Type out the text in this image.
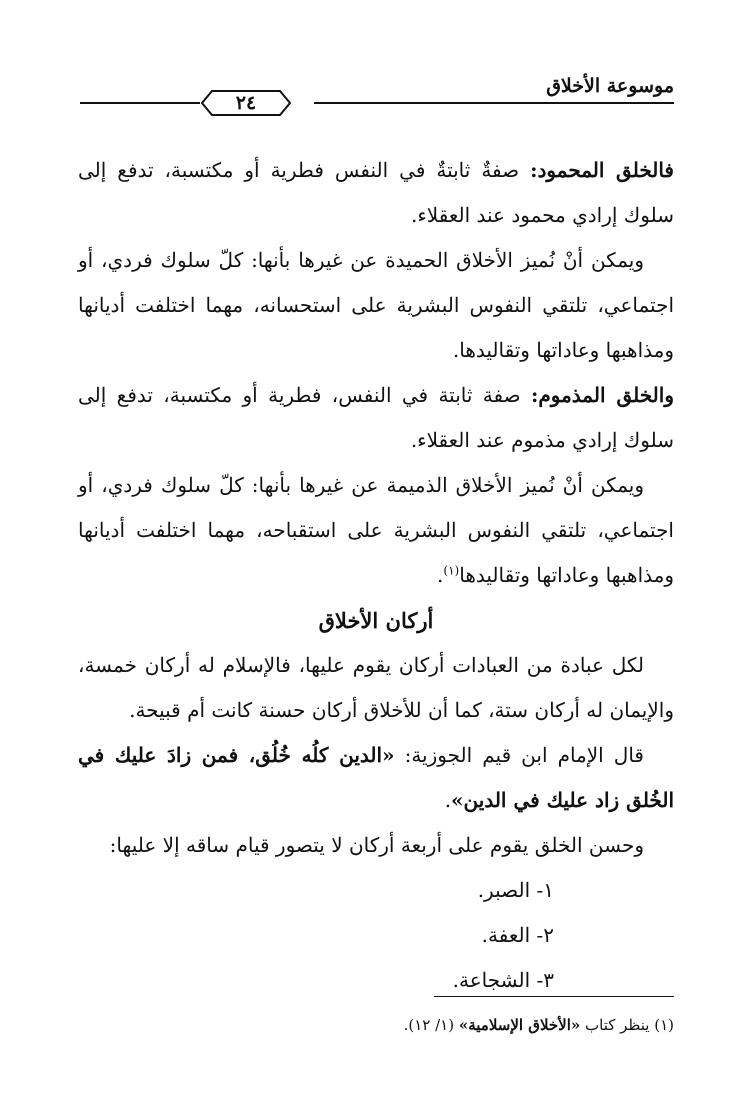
موسوعة الأخلاق
٢٤

فالخلق المحمود: صفةٌ ثابتةٌ في النفس فطرية أو مكتسبة، تدفع إلى سلوك إرادي محمود عند العقلاء.

ويمكن أنْ نُميز الأخلاق الحميدة عن غيرها بأنها: كلّ سلوك فردي، أو اجتماعي، تلتقي النفوس البشرية على استحسانه، مهما اختلفت أديانها ومذاهبها وعاداتها وتقاليدها.

والخلق المذموم: صفة ثابتة في النفس، فطرية أو مكتسبة، تدفع إلى سلوك إرادي مذموم عند العقلاء.

ويمكن أنْ نُميز الأخلاق الذميمة عن غيرها بأنها: كلّ سلوك فردي، أو اجتماعي، تلتقي النفوس البشرية على استقباحه، مهما اختلفت أديانها ومذاهبها وعاداتها وتقاليدها$^{(١)}$.

أركان الأخلاق

لكل عبادة من العبادات أركان يقوم عليها، فالإسلام له أركان خمسة، والإيمان له أركان ستة، كما أن للأخلاق أركان حسنة كانت أم قبيحة.

قال الإمام ابن قيم الجوزية: «الدين كلُه خُلُق، فمن زادَ عليك في الخُلق زاد عليك في الدين».

وحسن الخلق يقوم على أربعة أركان لا يتصور قيام ساقه إلا عليها:

١- الصبر.
٢- العفة.
٣- الشجاعة.
(١) ينظر كتاب «الأخلاق الإسلامية» (١/ ١٢).
